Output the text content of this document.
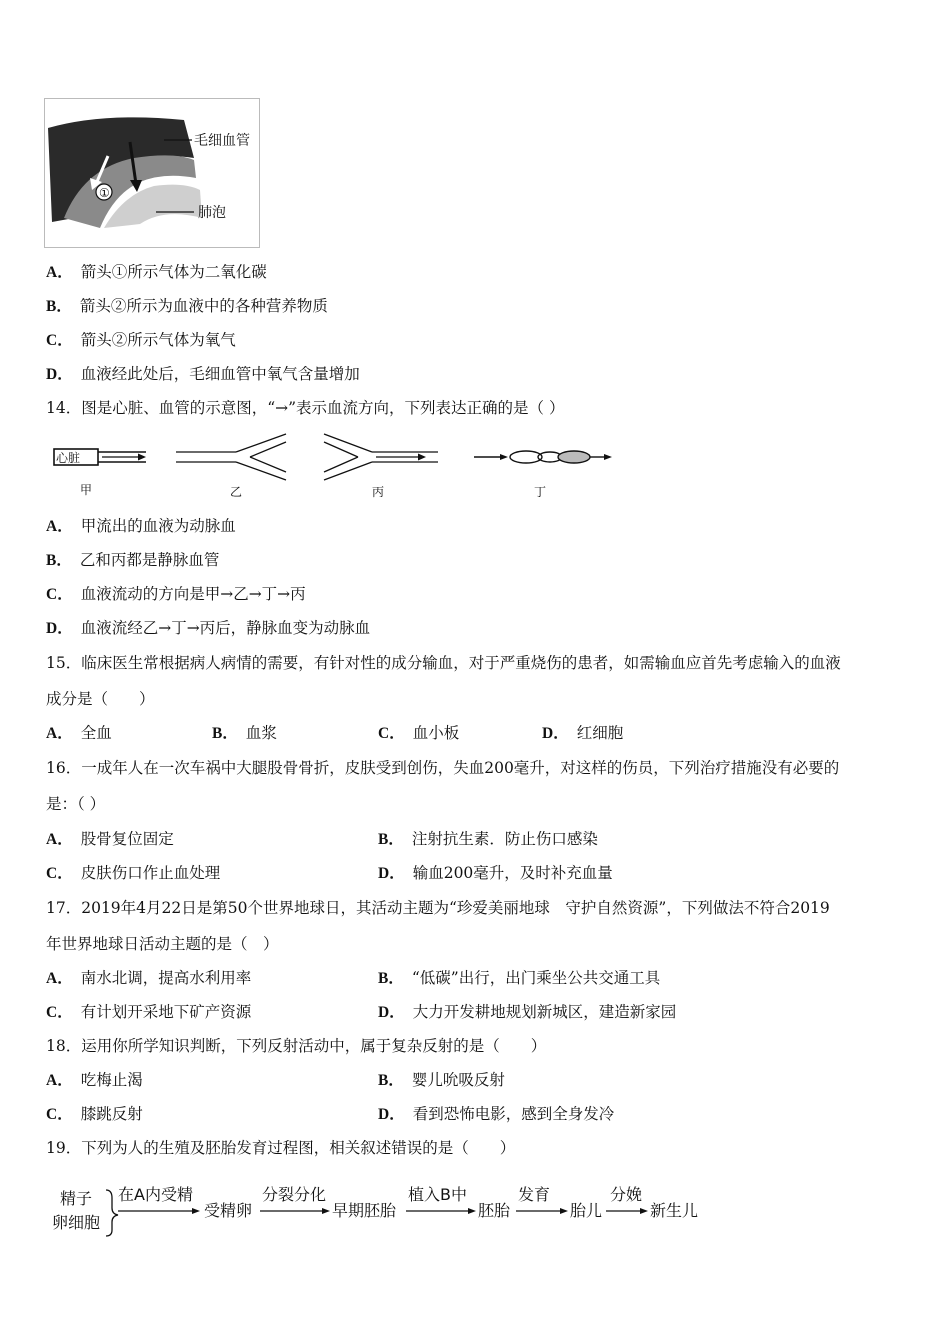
①
毛细血管
肺泡
A． 箭头①所示气体为二氧化碳
B． 箭头②所示为血液中的各种营养物质
C． 箭头②所示气体为氧气
D． 血液经此处后，毛细血管中氧气含量增加
14．图是心脏、血管的示意图，“→”表示血流方向，下列表达正确的是（ ）
心脏
甲	乙	丙	丁
A． 甲流出的血液为动脉血
B． 乙和丙都是静脉血管
C． 血液流动的方向是甲→乙→丁→丙
D． 血液流经乙→丁→丙后，静脉血变为动脉血
15．临床医生常根据病人病情的需要，有针对性的成分输血，对于严重烧伤的患者，如需输血应首先考虑输入的血液
成分是（　　）
A． 全血	B． 血浆	C． 血小板	D． 红细胞
16．一成年人在一次车祸中大腿股骨骨折，皮肤受到创伤，失血200毫升，对这样的伤员，下列治疗措施没有必要的
是：（ ）
A． 股骨复位固定	B． 注射抗生素．防止伤口感染
C． 皮肤伤口作止血处理	D． 输血200毫升，及时补充血量
17．2019年4月22日是第50个世界地球日，其活动主题为“珍爱美丽地球　守护自然资源”，下列做法不符合2019
年世界地球日活动主题的是（　）
A． 南水北调，提高水利用率	B． “低碳”出行，出门乘坐公共交通工具
C． 有计划开采地下矿产资源	D． 大力开发耕地规划新城区，建造新家园
18．运用你所学知识判断，下列反射活动中，属于复杂反射的是（　　）
A． 吃梅止渴	B． 婴儿吮吸反射
C． 膝跳反射	D． 看到恐怖电影，感到全身发冷
19．下列为人的生殖及胚胎发育过程图，相关叙述错误的是（　　）
精子
卵细胞
在A内受精
受精卵
分裂分化
早期胚胎
植入B中
胚胎
发育
胎儿
分娩
新生儿
